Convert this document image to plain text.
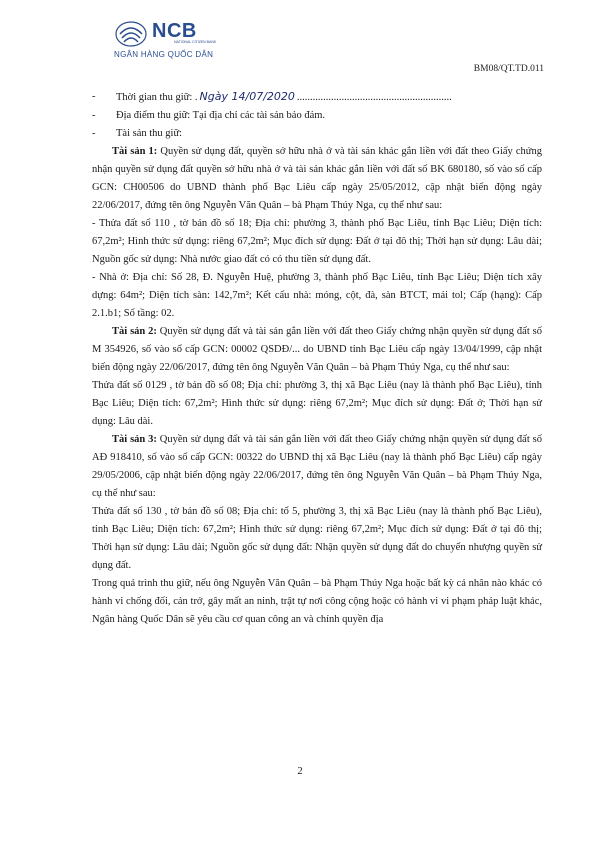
NCB
NATIONAL CITIZEN BANK
NGÂN HÀNG QUỐC DÂN
BM08/QT.TD.011

- Thời gian thu giữ: . Ngày 14/07/2020 ...........................................................

- Địa điểm thu giữ: Tại địa chỉ các tài sản bảo đảm.

- Tài sản thu giữ:

Tài sản 1: Quyền sử dụng đất, quyền sở hữu nhà ở và tài sản khác gắn liền với đất theo Giấy chứng nhận quyền sử dụng đất quyền sở hữu nhà ở và tài sản khác gắn liền với đất số BK 680180, số vào số cấp GCN: CH00506 do UBND thành phố Bạc Liêu cấp ngày 25/05/2012, cập nhật biến động ngày 22/06/2017, đứng tên ông Nguyễn Văn Quân – bà Phạm Thúy Nga, cụ thể như sau:

- Thửa đất số 110 , tờ bản đồ số 18; Địa chỉ: phường 3, thành phố Bạc Liêu, tỉnh Bạc Liêu; Diện tích: 67,2m²; Hình thức sử dụng: riêng 67,2m²; Mục đích sử dụng: Đất ở tại đô thị; Thời hạn sử dụng: Lâu dài; Nguồn gốc sử dụng: Nhà nước giao đất có có thu tiền sử dụng đất.

- Nhà ở: Địa chỉ: Số 28, Đ. Nguyễn Huệ, phường 3, thành phố Bạc Liêu, tỉnh Bạc Liêu; Diện tích xây dựng: 64m²; Diện tích sàn: 142,7m²; Kết cấu nhà: móng, cột, đà, sàn BTCT, mái tol; Cấp (hạng): Cấp 2.1.b1; Số tầng: 02.

Tài sản 2: Quyền sử dụng đất và tài sản gắn liền với đất theo Giấy chứng nhận quyền sử dụng đất số M 354926, số vào sổ cấp GCN: 00002 QSDĐ/... do UBND tỉnh Bạc Liêu cấp ngày 13/04/1999, cập nhật biến động ngày 22/06/2017, đứng tên ông Nguyễn Văn Quân – bà Phạm Thúy Nga, cụ thể như sau:

Thửa đất số 0129 , tờ bản đồ số 08; Địa chỉ: phường 3, thị xã Bạc Liêu (nay là thành phố Bạc Liêu), tỉnh Bạc Liêu; Diện tích: 67,2m²; Hình thức sử dụng: riêng 67,2m²; Mục đích sử dụng: Đất ở; Thời hạn sử dụng: Lâu dài.

Tài sản 3: Quyền sử dụng đất và tài sản gắn liền với đất theo Giấy chứng nhận quyền sử dụng đất số AĐ 918410, số vào số cấp GCN: 00322 do UBND thị xã Bạc Liêu (nay là thành phố Bạc Liêu) cấp ngày 29/05/2006, cập nhật biến động ngày 22/06/2017, đứng tên ông Nguyễn Văn Quân – bà Phạm Thúy Nga, cụ thể như sau:

Thửa đất số 130 , tờ bản đồ số 08; Địa chỉ: tổ 5, phường 3, thị xã Bạc Liêu (nay là thành phố Bạc Liêu), tỉnh Bạc Liêu; Diện tích: 67,2m²; Hình thức sử dụng: riêng 67,2m²; Mục đích sử dụng: Đất ở tại đô thị; Thời hạn sử dụng: Lâu dài; Nguồn gốc sử dụng đất: Nhận quyền sử dụng đất do chuyển nhượng quyền sử dụng đất.

Trong quá trình thu giữ, nếu ông Nguyễn Văn Quân – bà Phạm Thúy Nga hoặc bất kỳ cá nhân nào khác có hành vi chống đối, cản trở, gây mất an ninh, trật tự nơi công cộng hoặc có hành vi vi phạm pháp luật khác, Ngân hàng Quốc Dân sẽ yêu cầu cơ quan công an và chính quyền địa

2
